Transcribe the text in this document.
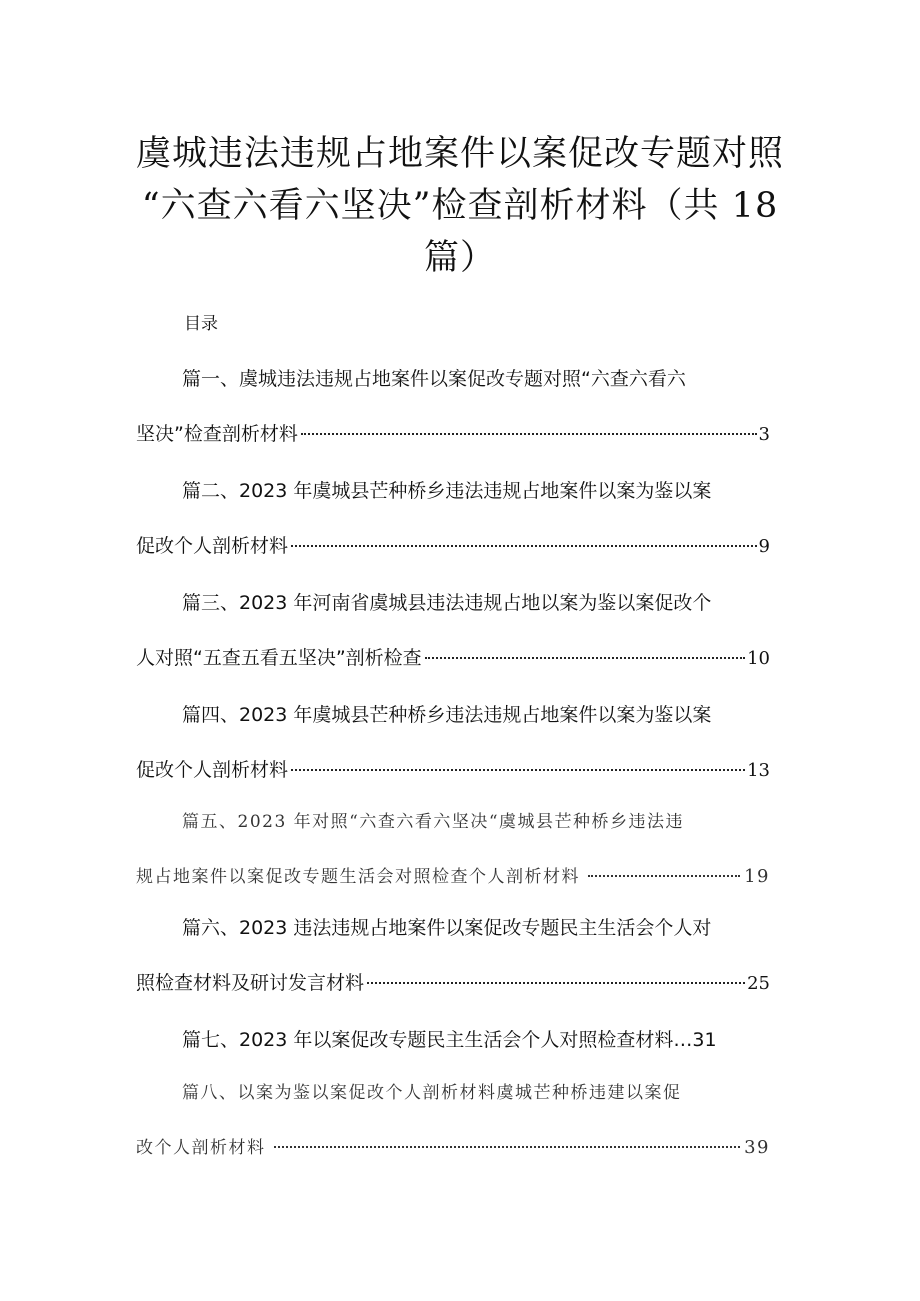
虞城违法违规占地案件以案促改专题对照
“六查六看六坚决”检查剖析材料（共 18
篇）
目录
篇一、虞城违法违规占地案件以案促改专题对照“六查六看六
坚决”检查剖析材料	3
篇二、2023 年虞城县芒种桥乡违法违规占地案件以案为鉴以案
促改个人剖析材料	9
篇三、2023 年河南省虞城县违法违规占地以案为鉴以案促改个
人对照“五查五看五坚决”剖析检查	10
篇四、2023 年虞城县芒种桥乡违法违规占地案件以案为鉴以案
促改个人剖析材料	13
篇五、2023 年对照“六查六看六坚决“虞城县芒种桥乡违法违
规占地案件以案促改专题生活会对照检查个人剖析材料	19
篇六、2023 违法违规占地案件以案促改专题民主生活会个人对
照检查材料及研讨发言材料	25
篇七、2023 年以案促改专题民主生活会个人对照检查材料…31
篇八、以案为鉴以案促改个人剖析材料虞城芒种桥违建以案促
改个人剖析材料	39
